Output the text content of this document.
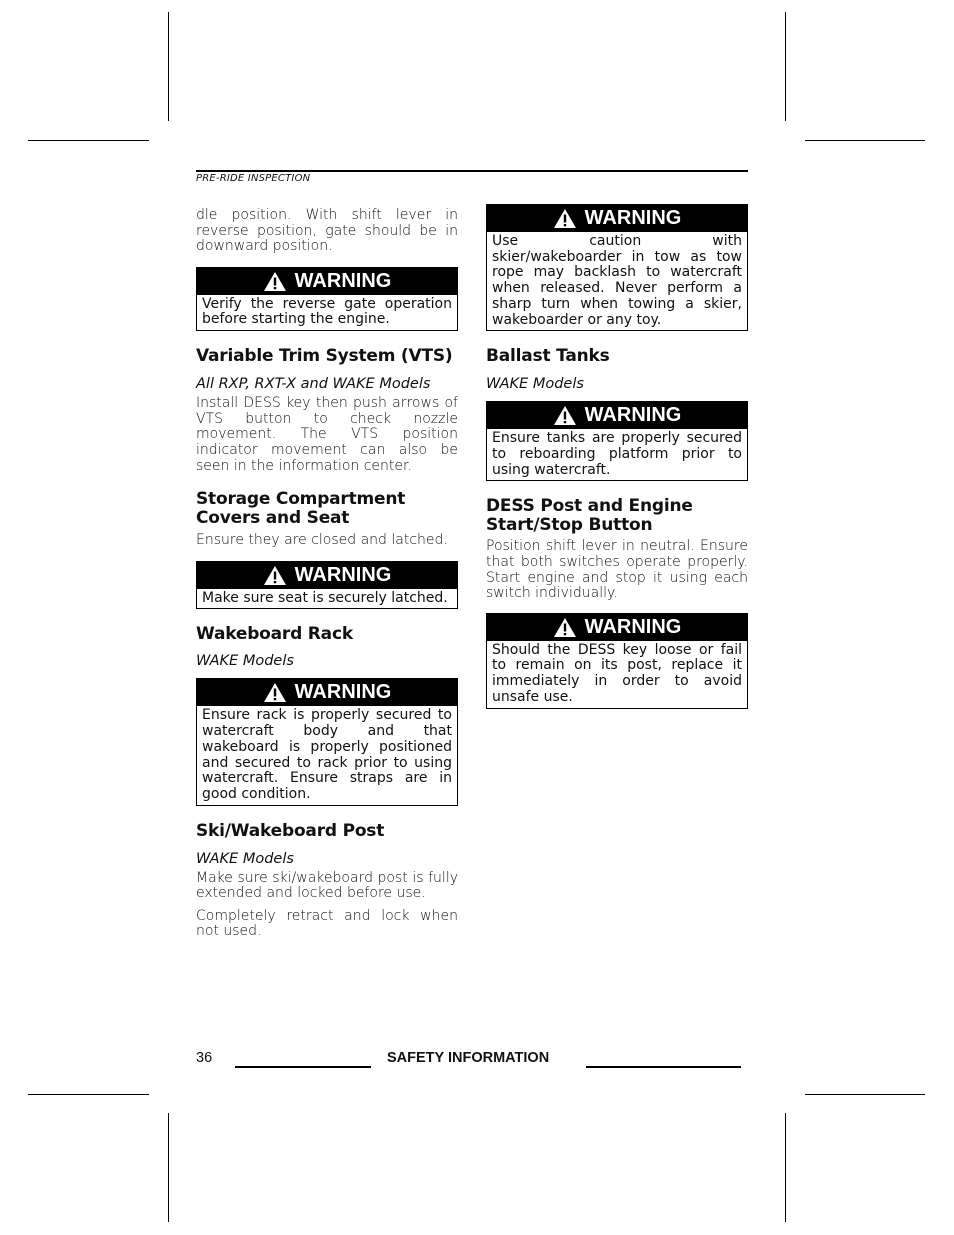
PRE-RIDE INSPECTION

dle position. With shift lever in reverse position, gate should be in downward position.

WARNING
Verify the reverse gate operation before starting the engine.
Variable Trim System (VTS)

All RXP, RXT-X and WAKE Models

Install DESS key then push arrows of VTS button to check nozzle movement. The VTS position indicator movement can also be seen in the information center.

Storage Compartment Covers and Seat

Ensure they are closed and latched.

WARNING
Make sure seat is securely latched.
Wakeboard Rack

WAKE Models

WARNING
Ensure rack is properly secured to watercraft body and that wakeboard is properly positioned and secured to rack prior to using watercraft. Ensure straps are in good condition.
Ski/Wakeboard Post

WAKE Models

Make sure ski/wakeboard post is fully extended and locked before use.

Completely retract and lock when not used.

WARNING
Use caution with skier/wakeboarder in tow as tow rope may backlash to watercraft when released. Never perform a sharp turn when towing a skier, wakeboarder or any toy.
Ballast Tanks

WAKE Models

WARNING
Ensure tanks are properly secured to reboarding platform prior to using watercraft.
DESS Post and Engine Start/Stop Button

Position shift lever in neutral. Ensure that both switches operate properly. Start engine and stop it using each switch individually.

WARNING
Should the DESS key loose or fail to remain on its post, replace it immediately in order to avoid unsafe use.
36	SAFETY INFORMATION
